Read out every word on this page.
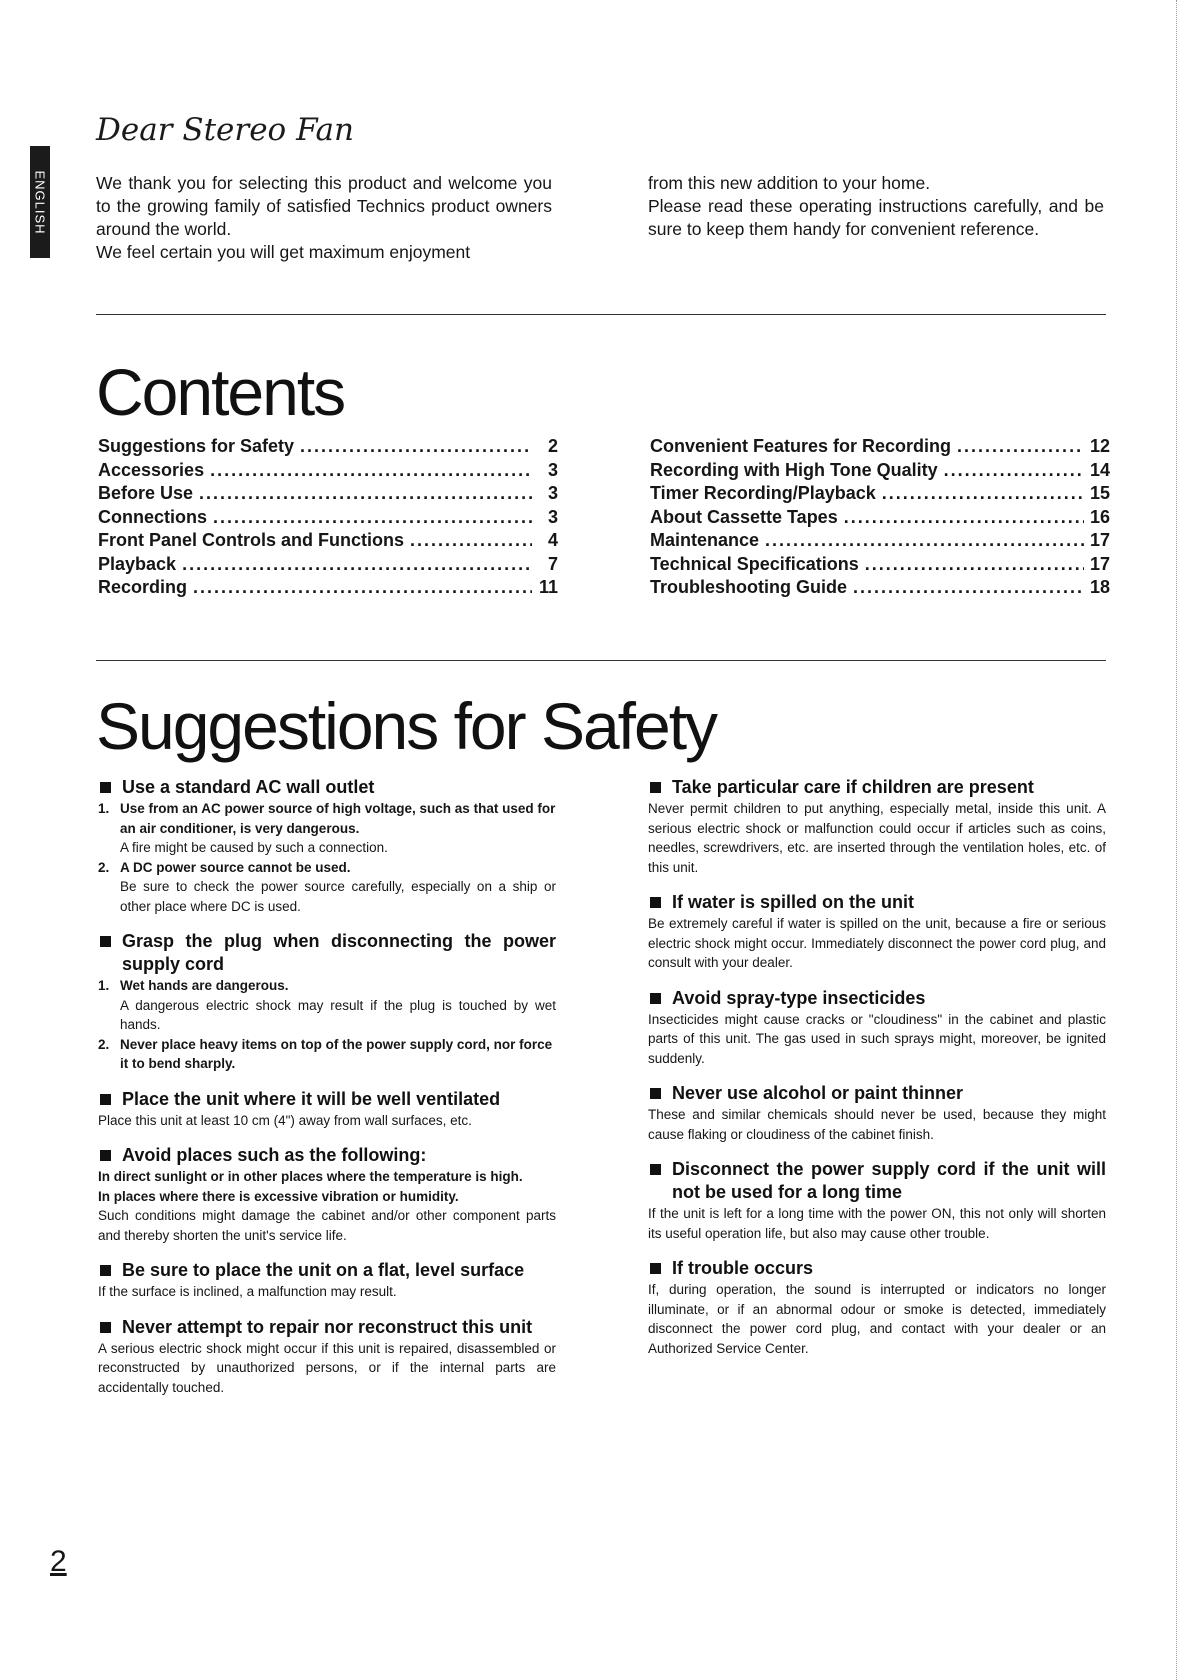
ENGLISH
Dear Stereo Fan

We thank you for selecting this product and welcome you to the growing family of satisfied Technics product owners around the world.

We feel certain you will get maximum enjoyment

from this new addition to your home.

Please read these operating instructions carefully, and be sure to keep them handy for convenient reference.

Contents
Suggestions for Safety .....	2
Accessories .....	3
Before Use .....	3
Connections .....	3
Front Panel Controls and Functions .....	4
Playback .....	7
Recording .....	11
Convenient Features for Recording .....	12
Recording with High Tone Quality .....	14
Timer Recording/Playback .....	15
About Cassette Tapes .....	16
Maintenance .....	17
Technical Specifications .....	17
Troubleshooting Guide .....	18
Suggestions for Safety
Use a standard AC wall outlet
1. Use from an AC power source of high voltage, such as that used for an air conditioner, is very dangerous.
A fire might be caused by such a connection.
2. A DC power source cannot be used.
Be sure to check the power source carefully, especially on a ship or other place where DC is used.
Grasp the plug when disconnecting the power supply cord
1. Wet hands are dangerous.
A dangerous electric shock may result if the plug is touched by wet hands.
2. Never place heavy items on top of the power supply cord, nor force it to bend sharply.
Place the unit where it will be well ventilated

Place this unit at least 10 cm (4") away from wall surfaces, etc.

Avoid places such as the following:

In direct sunlight or in other places where the temperature is high.

In places where there is excessive vibration or humidity.

Such conditions might damage the cabinet and/or other component parts and thereby shorten the unit's service life.

Be sure to place the unit on a flat, level surface

If the surface is inclined, a malfunction may result.

Never attempt to repair nor reconstruct this unit

A serious electric shock might occur if this unit is repaired, disassembled or reconstructed by unauthorized persons, or if the internal parts are accidentally touched.

Take particular care if children are present

Never permit children to put anything, especially metal, inside this unit. A serious electric shock or malfunction could occur if articles such as coins, needles, screwdrivers, etc. are inserted through the ventilation holes, etc. of this unit.

If water is spilled on the unit

Be extremely careful if water is spilled on the unit, because a fire or serious electric shock might occur. Immediately disconnect the power cord plug, and consult with your dealer.

Avoid spray-type insecticides

Insecticides might cause cracks or "cloudiness" in the cabinet and plastic parts of this unit. The gas used in such sprays might, moreover, be ignited suddenly.

Never use alcohol or paint thinner

These and similar chemicals should never be used, because they might cause flaking or cloudiness of the cabinet finish.

Disconnect the power supply cord if the unit will not be used for a long time

If the unit is left for a long time with the power ON, this not only will shorten its useful operation life, but also may cause other trouble.

If trouble occurs

If, during operation, the sound is interrupted or indicators no longer illuminate, or if an abnormal odour or smoke is detected, immediately disconnect the power cord plug, and contact with your dealer or an Authorized Service Center.

2
